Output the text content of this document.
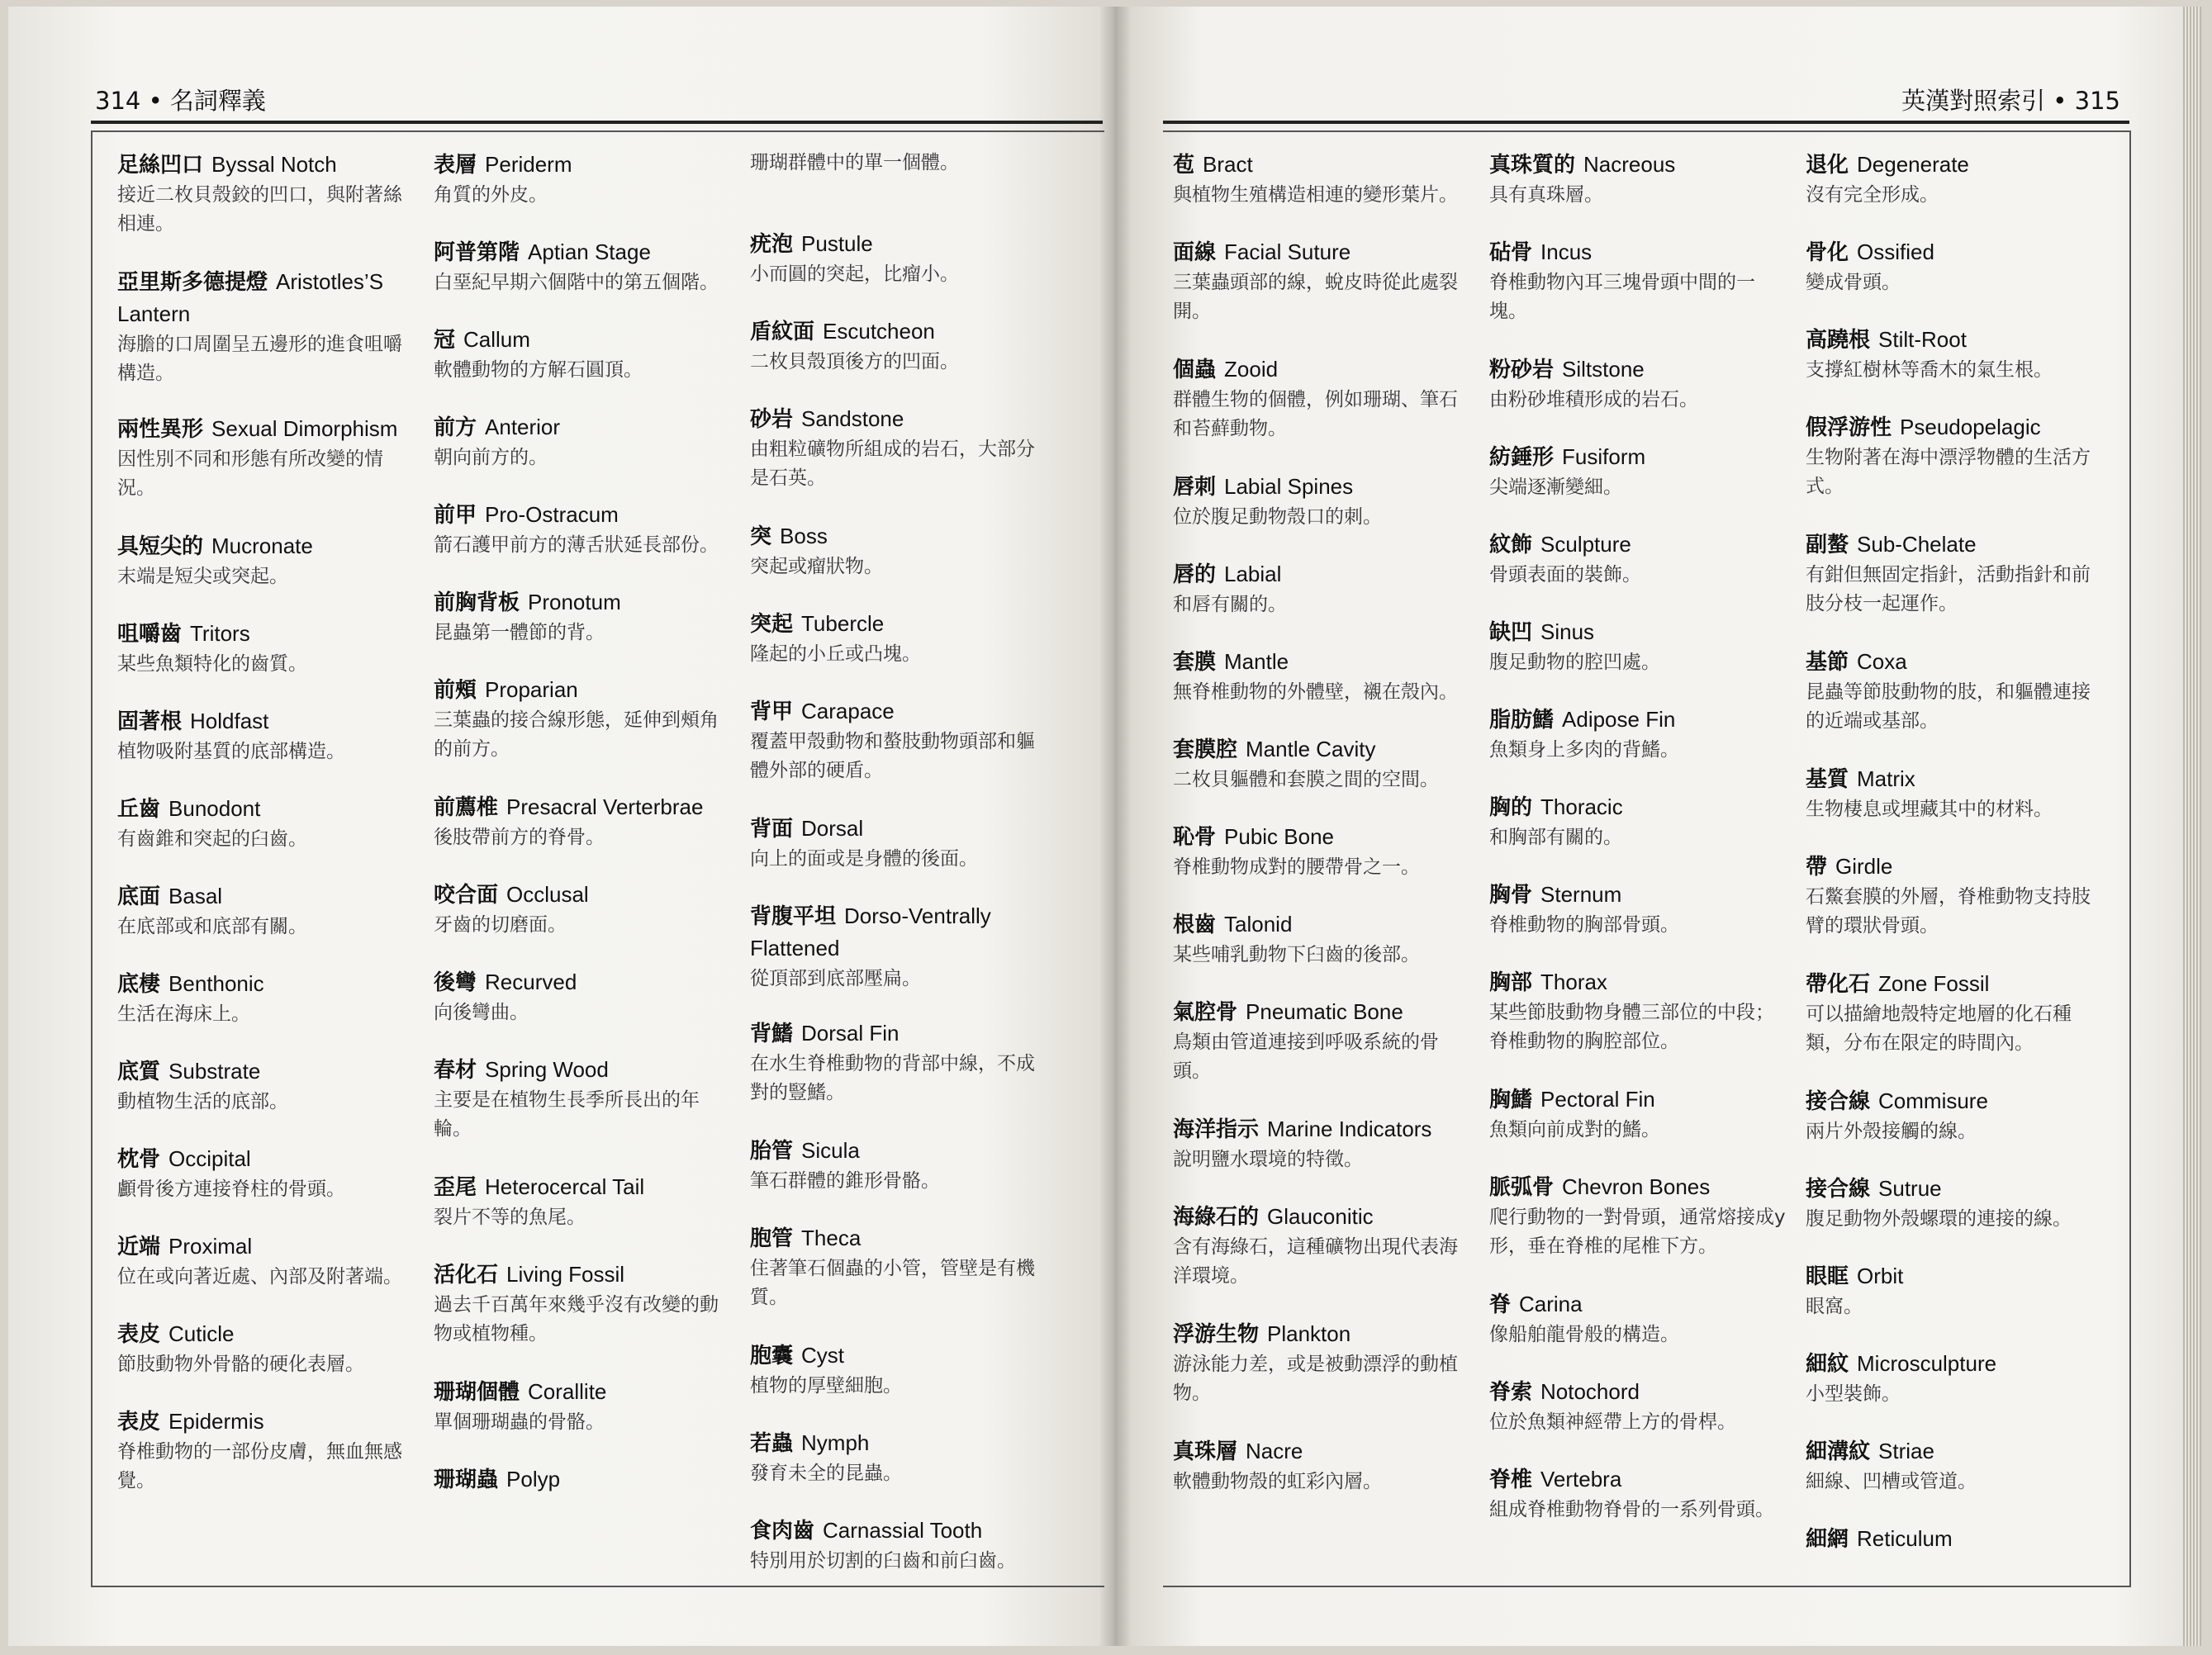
314 • 名詞釋義	英漢對照索引 • 315
足絲凹口 Byssal Notch
接近二枚貝殼鉸的凹口，與附著絲相連。
亞里斯多德提燈 Aristotles’S Lantern
海膽的口周圍呈五邊形的進食咀嚼構造。
兩性異形 Sexual Dimorphism
因性別不同和形態有所改變的情況。
具短尖的 Mucronate
末端是短尖或突起。
咀嚼齒 Tritors
某些魚類特化的齒質。
固著根 Holdfast
植物吸附基質的底部構造。
丘齒 Bunodont
有齒錐和突起的臼齒。
底面 Basal
在底部或和底部有關。
底棲 Benthonic
生活在海床上。
底質 Substrate
動植物生活的底部。
枕骨 Occipital
顱骨後方連接脊柱的骨頭。
近端 Proximal
位在或向著近處、內部及附著端。
表皮 Cuticle
節肢動物外骨骼的硬化表層。
表皮 Epidermis
脊椎動物的一部份皮膚，無血無感覺。
表層 Periderm
角質的外皮。
阿普第階 Aptian Stage
白堊紀早期六個階中的第五個階。
冠 Callum
軟體動物的方解石圓頂。
前方 Anterior
朝向前方的。
前甲 Pro-Ostracum
箭石護甲前方的薄舌狀延長部份。
前胸背板 Pronotum
昆蟲第一體節的背。
前頰 Proparian
三葉蟲的接合線形態，延伸到頰角的前方。
前薦椎 Presacral Verterbrae
後肢帶前方的脊骨。
咬合面 Occlusal
牙齒的切磨面。
後彎 Recurved
向後彎曲。
春材 Spring Wood
主要是在植物生長季所長出的年輪。
歪尾 Heterocercal Tail
裂片不等的魚尾。
活化石 Living Fossil
過去千百萬年來幾乎沒有改變的動物或植物種。
珊瑚個體 Corallite
單個珊瑚蟲的骨骼。
珊瑚蟲 Polyp
珊瑚群體中的單一個體。
疣泡 Pustule
小而圓的突起，比瘤小。
盾紋面 Escutcheon
二枚貝殼頂後方的凹面。
砂岩 Sandstone
由粗粒礦物所組成的岩石，大部分是石英。
突 Boss
突起或瘤狀物。
突起 Tubercle
隆起的小丘或凸塊。
背甲 Carapace
覆蓋甲殼動物和螯肢動物頭部和軀體外部的硬盾。
背面 Dorsal
向上的面或是身體的後面。
背腹平坦 Dorso-Ventrally Flattened
從頂部到底部壓扁。
背鰭 Dorsal Fin
在水生脊椎動物的背部中線，不成對的豎鰭。
胎管 Sicula
筆石群體的錐形骨骼。
胞管 Theca
住著筆石個蟲的小管，管壁是有機質。
胞囊 Cyst
植物的厚壁細胞。
若蟲 Nymph
發育未全的昆蟲。
食肉齒 Carnassial Tooth
特別用於切割的臼齒和前臼齒。
苞 Bract
與植物生殖構造相連的變形葉片。
面線 Facial Suture
三葉蟲頭部的線，蛻皮時從此處裂開。
個蟲 Zooid
群體生物的個體，例如珊瑚、筆石和苔蘚動物。
唇刺 Labial Spines
位於腹足動物殼口的刺。
唇的 Labial
和唇有關的。
套膜 Mantle
無脊椎動物的外體壁，襯在殼內。
套膜腔 Mantle Cavity
二枚貝軀體和套膜之間的空間。
恥骨 Pubic Bone
脊椎動物成對的腰帶骨之一。
根齒 Talonid
某些哺乳動物下臼齒的後部。
氣腔骨 Pneumatic Bone
鳥類由管道連接到呼吸系統的骨頭。
海洋指示 Marine Indicators
說明鹽水環境的特徵。
海綠石的 Glauconitic
含有海綠石，這種礦物出現代表海洋環境。
浮游生物 Plankton
游泳能力差，或是被動漂浮的動植物。
真珠層 Nacre
軟體動物殼的虹彩內層。
真珠質的 Nacreous
具有真珠層。
砧骨 Incus
脊椎動物內耳三塊骨頭中間的一塊。
粉砂岩 Siltstone
由粉砂堆積形成的岩石。
紡錘形 Fusiform
尖端逐漸變細。
紋飾 Sculpture
骨頭表面的裝飾。
缺凹 Sinus
腹足動物的腔凹處。
脂肪鰭 Adipose Fin
魚類身上多肉的背鰭。
胸的 Thoracic
和胸部有關的。
胸骨 Sternum
脊椎動物的胸部骨頭。
胸部 Thorax
某些節肢動物身體三部位的中段；脊椎動物的胸腔部位。
胸鰭 Pectoral Fin
魚類向前成對的鰭。
脈弧骨 Chevron Bones
爬行動物的一對骨頭，通常熔接成y形，垂在脊椎的尾椎下方。
脊 Carina
像船舶龍骨般的構造。
脊索 Notochord
位於魚類神經帶上方的骨桿。
脊椎 Vertebra
組成脊椎動物脊骨的一系列骨頭。
退化 Degenerate
沒有完全形成。
骨化 Ossified
變成骨頭。
高蹺根 Stilt-Root
支撐紅樹林等喬木的氣生根。
假浮游性 Pseudopelagic
生物附著在海中漂浮物體的生活方式。
副螯 Sub-Chelate
有鉗但無固定指針，活動指針和前肢分枝一起運作。
基節 Coxa
昆蟲等節肢動物的肢，和軀體連接的近端或基部。
基質 Matrix
生物棲息或埋藏其中的材料。
帶 Girdle
石鱉套膜的外層，脊椎動物支持肢臂的環狀骨頭。
帶化石 Zone Fossil
可以描繪地殼特定地層的化石種類，分布在限定的時間內。
接合線 Commisure
兩片外殼接觸的線。
接合線 Sutrue
腹足動物外殼螺環的連接的線。
眼眶 Orbit
眼窩。
細紋 Microsculpture
小型裝飾。
細溝紋 Striae
細線、凹槽或管道。
細網 Reticulum
